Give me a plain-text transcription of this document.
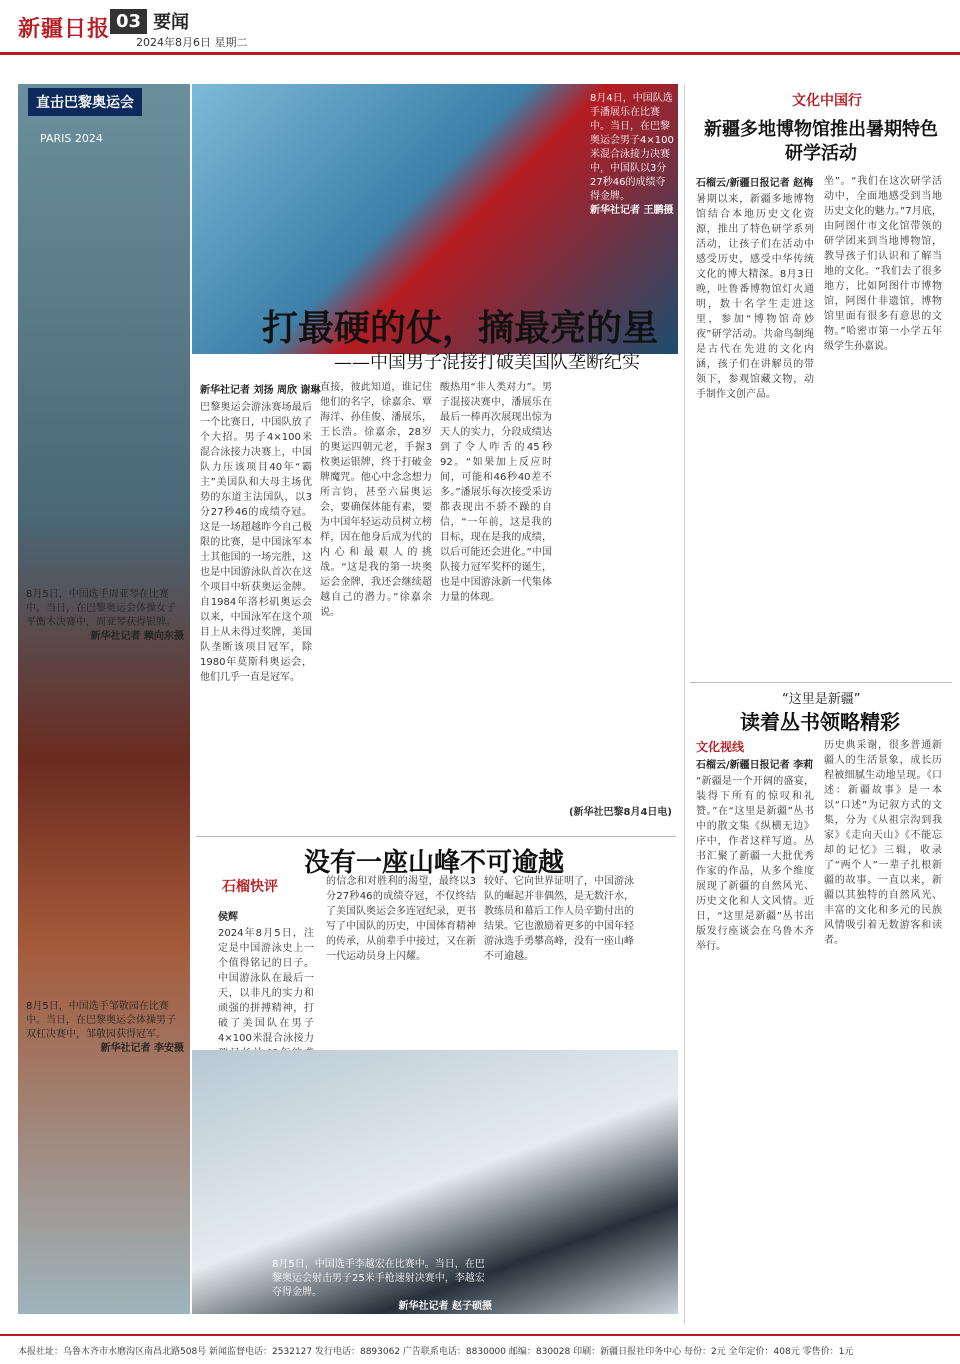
新疆日报 03 要闻
2024年8月6日 星期二
直击巴黎奥运会
PARIS 2024
8月5日，中国选手周亚琴在比赛中。当日，在巴黎奥运会体操女子平衡木决赛中，周亚琴获得银牌。
新华社记者 赖向东摄
8月5日，中国选手邹敬园在比赛中。当日，在巴黎奥运会体操男子双杠决赛中，邹敬园获得冠军。
新华社记者 李安摄
8月4日，中国队选手潘展乐在比赛中。当日，在巴黎奥运会男子4×100米混合泳接力决赛中，中国队以3分27秒46的成绩夺得金牌。
新华社记者 王鹏摄
打最硬的仗，摘最亮的星
——中国男子混接打破美国队垄断纪实
新华社记者 刘扬 周欣 谢琳
巴黎奥运会游泳赛场最后一个比赛日，中国队放了个大招。男子4×100米混合泳接力决赛上，中国队力压该项目40年“霸主”美国队和大母主场优势的东道主法国队，以3分27秒46的成绩夺冠。这是一场超越昨今自己极限的比赛，是中国泳军本土其他国的一场完胜，这也是中国游泳队首次在这个项目中斩获奥运金牌。自1984年洛杉矶奥运会以来，中国泳军在这个项目上从未得过奖牌，美国队垄断该项目冠军，除1980年莫斯科奥运会，他们几乎一直是冠军。
直接，彼此知道，谁记住他们的名字，徐嘉余、覃海洋、孙佳俊、潘展乐，王长浩。徐嘉余，28岁的奥运四朝元老，手握3枚奥运银牌，终于打破金牌魔咒。他心中念念想力所言钧，甚至六届奥运会，要确保体能有素，要为中国年轻运动员树立榜样，因在他身后成为代的内心和最艰人的挑战。“这是我的第一块奥运会金牌，我还会继续超越自己的潜力。”徐嘉余说。
酸热用“非人类对力”。男子混接决赛中，潘展乐在最后一棒再次展现出惊为天人的实力，分段成绩达到了令人咋舌的45秒92。“如果加上反应时间，可能和46秒40差不多。”潘展乐每次接受采访都表现出不骄不躁的自信，“一年前，这是我的目标，现在是我的成绩，以后可能还会进化。”中国队接力冠军奖杯的诞生，也是中国游泳新一代集体力量的体现。
(新华社巴黎8月4日电)
没有一座山峰不可逾越
石榴快评
侯辉
2024年8月5日，注定是中国游泳史上一个值得铭记的日子。中国游泳队在最后一天，以非凡的实力和顽强的拼搏精神，打破了美国队在男子4×100米混合泳接力
的信念和对胜利的渴望，最终以3分27秒46的成绩夺冠，不仅终结了美国队奥运会多连冠纪录，更书写了中国队的历史，中国体育精神的传承，从前辈手中接过，又在新一代运动员身上闪耀。
较好、它向世界证明了，中国游泳队的崛起并非偶然，是无数汗水，教练员和幕后工作人员辛勤付出的结果。它也激励着更多的中国年轻游泳选手勇攀高峰，没有一座山峰不可逾越。
8月5日，中国选手李越宏在比赛中。当日，在巴黎奥运会射击男子25米手枪速射决赛中，李越宏夺得金牌。
新华社记者 赵子硕摄
文化中国行
新疆多地博物馆推出暑期特色研学活动
石榴云/新疆日报记者 赵梅
暑期以来，新疆多地博物馆结合本地历史文化资源，推出了特色研学系列活动，让孩子们在活动中感受历史，感受中华传统文化的博大精深。8月3日晚，吐鲁番博物馆灯火通明，数十名学生走进这里，参加“博物馆奇妙夜”研学活动。共命鸟制绳是古代在先进的文化内涵，孩子们在讲解员的带领下，参观馆藏文物，动手制作文创产品。
坐”。“我们在这次研学活动中，全面地感受到当地历史文化的魅力。”7月底，由阿图什市文化馆带领的研学团来到当地博物馆，教导孩子们认识和了解当地的文化。“我们去了很多地方，比如阿图什市博物馆，阿图什非遗馆，博物馆里面有很多有意思的文物。”哈密市第一小学五年级学生孙嘉说。
“这里是新疆”
读着丛书领略精彩
文化视线
石榴云/新疆日报记者 李莉
“新疆是一个开阔的盛宴，装得下所有的惊叹和礼赞。”在“这里是新疆”丛书中的散文集《纵横无边》序中，作者这样写道。丛书汇聚了新疆一大批优秀作家的作品，从多个维度展现了新疆的自然风光、历史文化和人文风情。近日，“这里是新疆”丛书出版发行座谈会在乌鲁木齐举行。
历史典采谢，很多普通新疆人的生活景象，成长历程被细腻生动地呈现。《口述：新疆故事》是一本以“口述”为记叙方式的文集，分为《从祖宗沟到我家》《走向天山》《不能忘却的记忆》三辑，收录了“两个人”一辈子扎根新疆的故事。一直以来，新疆以其独特的自然风光、丰富的文化和多元的民族风情吸引着无数游客和读者。
本报社址：乌鲁木齐市水磨沟区南昌北路508号 新闻监督电话：2532127 发行电话：8893062 广告联系电话：8830000 邮编：830028 印刷：新疆日报社印务中心 每份：2元 全年定价：408元 零售价：1元
